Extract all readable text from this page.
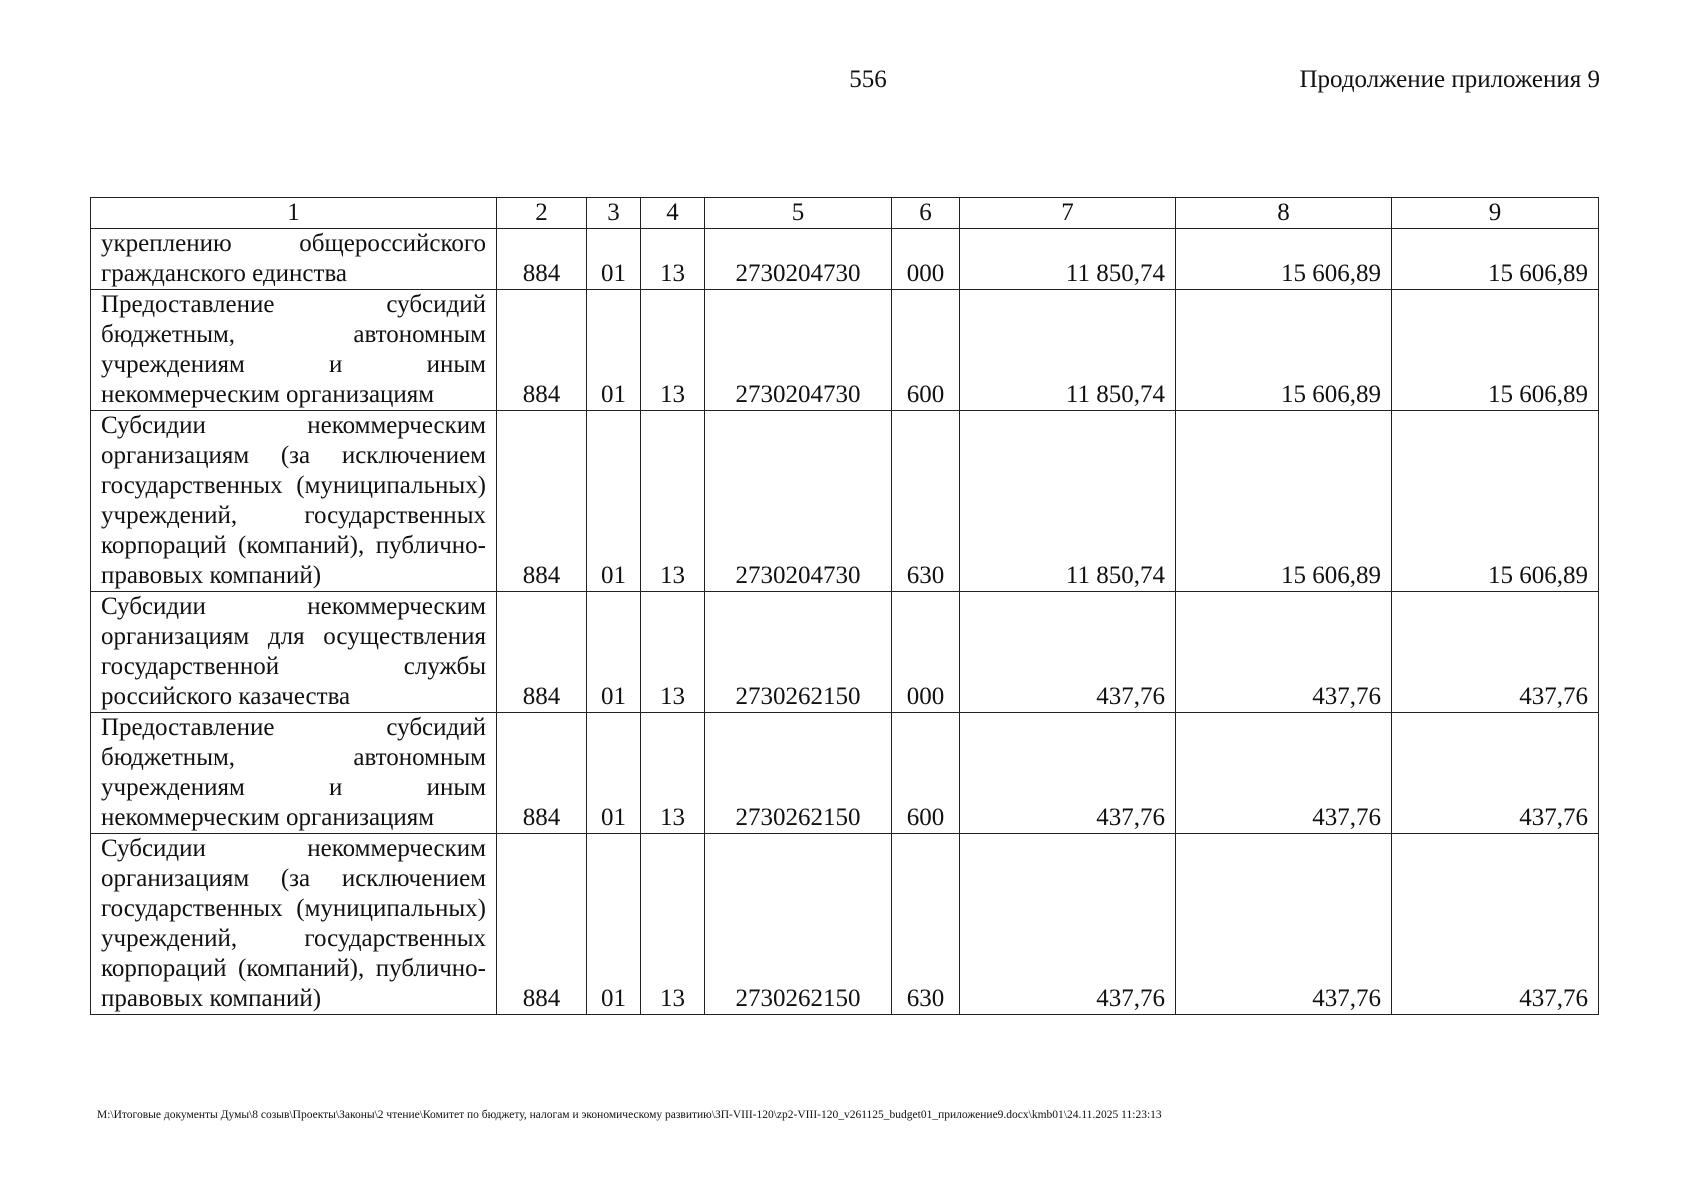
556	Продолжение приложения 9
1	2	3	4	5	6	7	8	9
укреплению общероссийского гражданского единства	884	01	13	2730204730	000	11 850,74	15 606,89	15 606,89
Предоставление субсидий бюджетным, автономным учреждениям и иным некоммерческим организациям	884	01	13	2730204730	600	11 850,74	15 606,89	15 606,89
Субсидии некоммерческим организациям (за исключением государственных (муниципальных) учреждений, государственных корпораций (компаний), публично-правовых компаний)	884	01	13	2730204730	630	11 850,74	15 606,89	15 606,89
Субсидии некоммерческим организациям для осуществления государственной службы российского казачества	884	01	13	2730262150	000	437,76	437,76	437,76
Предоставление субсидий бюджетным, автономным учреждениям и иным некоммерческим организациям	884	01	13	2730262150	600	437,76	437,76	437,76
Субсидии некоммерческим организациям (за исключением государственных (муниципальных) учреждений, государственных корпораций (компаний), публично-правовых компаний)	884	01	13	2730262150	630	437,76	437,76	437,76
M:\Итоговые документы Думы\8 созыв\Проекты\Законы\2 чтение\Комитет по бюджету, налогам и экономическому развитию\ЗП-VIII-120\zp2-VIII-120_v261125_budget01_приложение9.docx\kmb01\24.11.2025 11:23:13
